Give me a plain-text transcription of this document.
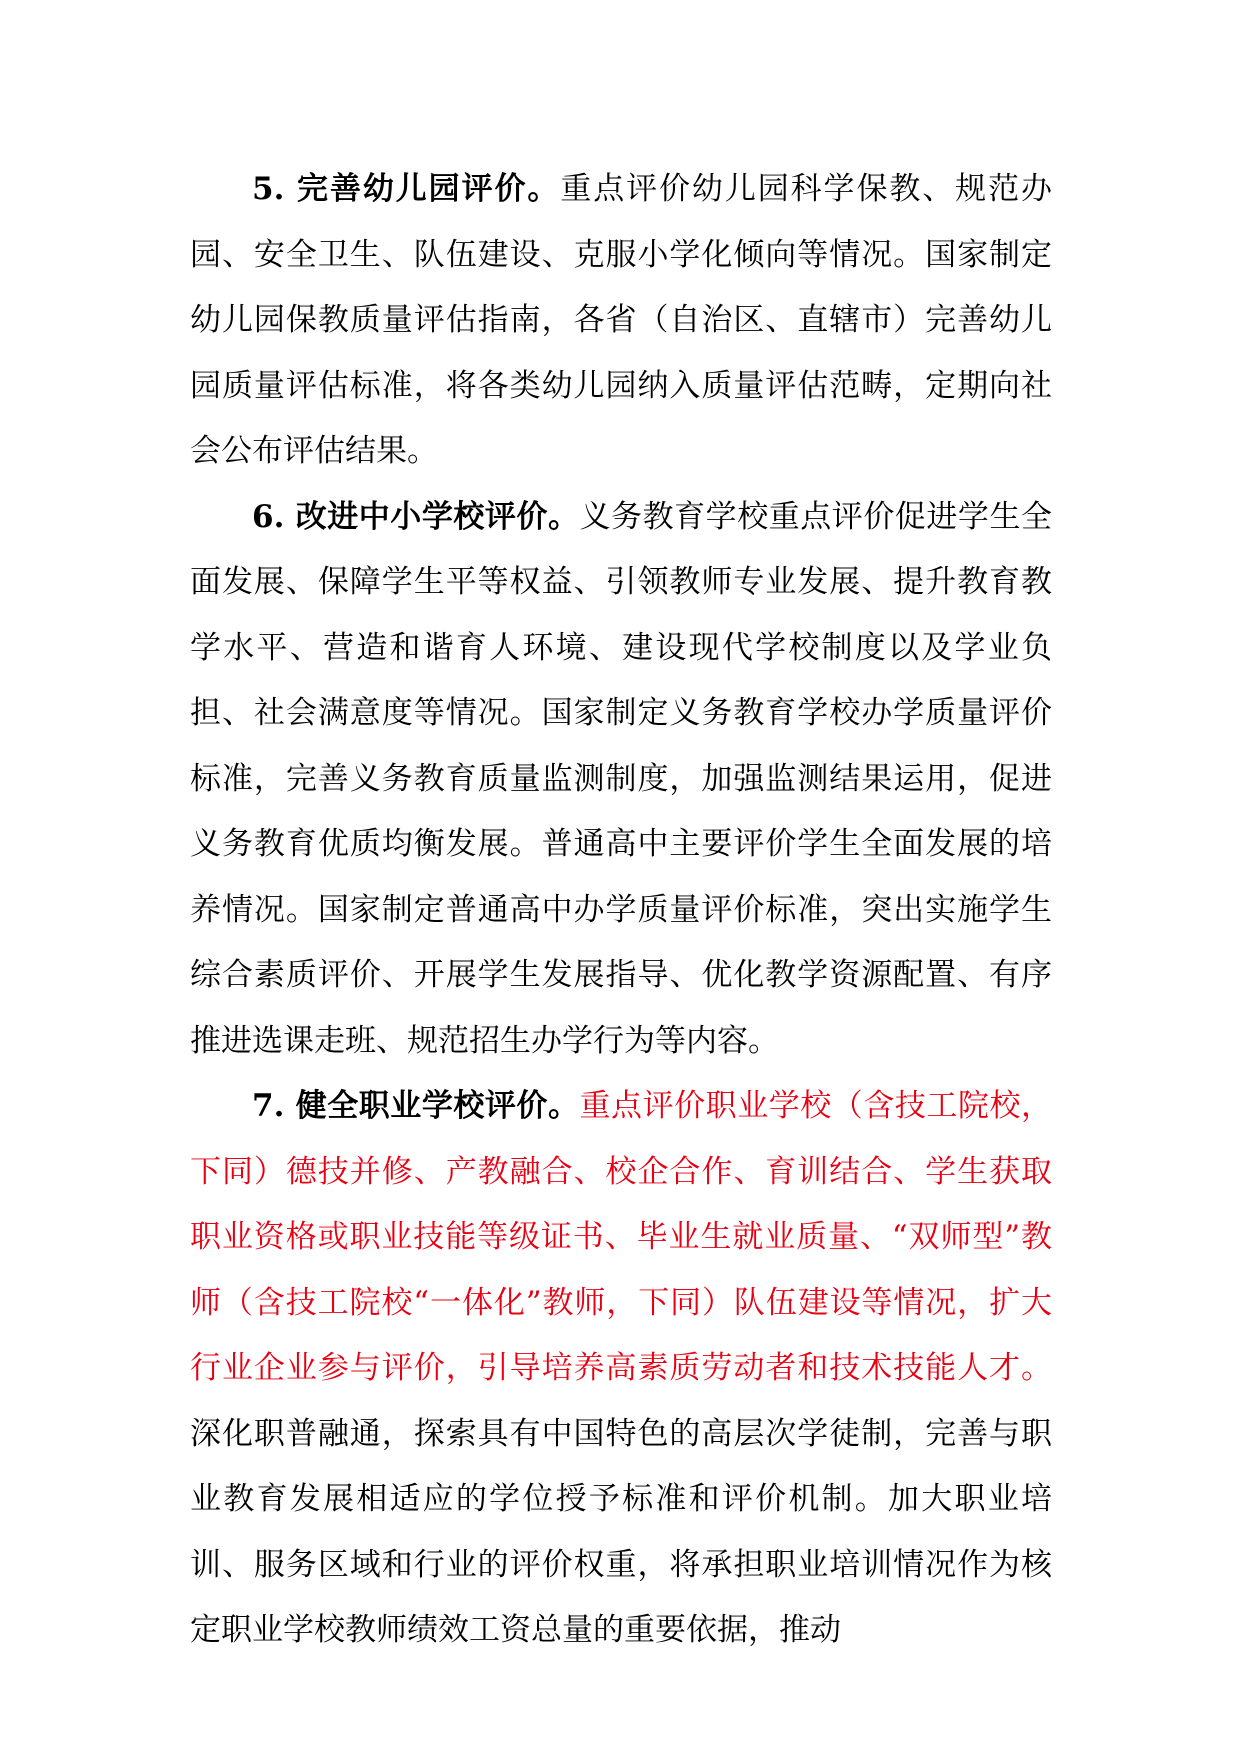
5. 完善幼儿园评价。重点评价幼儿园科学保教、规范办园、安全卫生、队伍建设、克服小学化倾向等情况。国家制定幼儿园保教质量评估指南，各省（自治区、直辖市）完善幼儿园质量评估标准，将各类幼儿园纳入质量评估范畴，定期向社会公布评估结果。

6. 改进中小学校评价。义务教育学校重点评价促进学生全面发展、保障学生平等权益、引领教师专业发展、提升教育教学水平、营造和谐育人环境、建设现代学校制度以及学业负担、社会满意度等情况。国家制定义务教育学校办学质量评价标准，完善义务教育质量监测制度，加强监测结果运用，促进义务教育优质均衡发展。普通高中主要评价学生全面发展的培养情况。国家制定普通高中办学质量评价标准，突出实施学生综合素质评价、开展学生发展指导、优化教学资源配置、有序推进选课走班、规范招生办学行为等内容。

7. 健全职业学校评价。重点评价职业学校（含技工院校，下同）德技并修、产教融合、校企合作、育训结合、学生获取职业资格或职业技能等级证书、毕业生就业质量、“双师型”教师（含技工院校“一体化”教师，下同）队伍建设等情况，扩大行业企业参与评价，引导培养高素质劳动者和技术技能人才。深化职普融通，探索具有中国特色的高层次学徒制，完善与职业教育发展相适应的学位授予标准和评价机制。加大职业培训、服务区域和行业的评价权重，将承担职业培训情况作为核定职业学校教师绩效工资总量的重要依据，推动
